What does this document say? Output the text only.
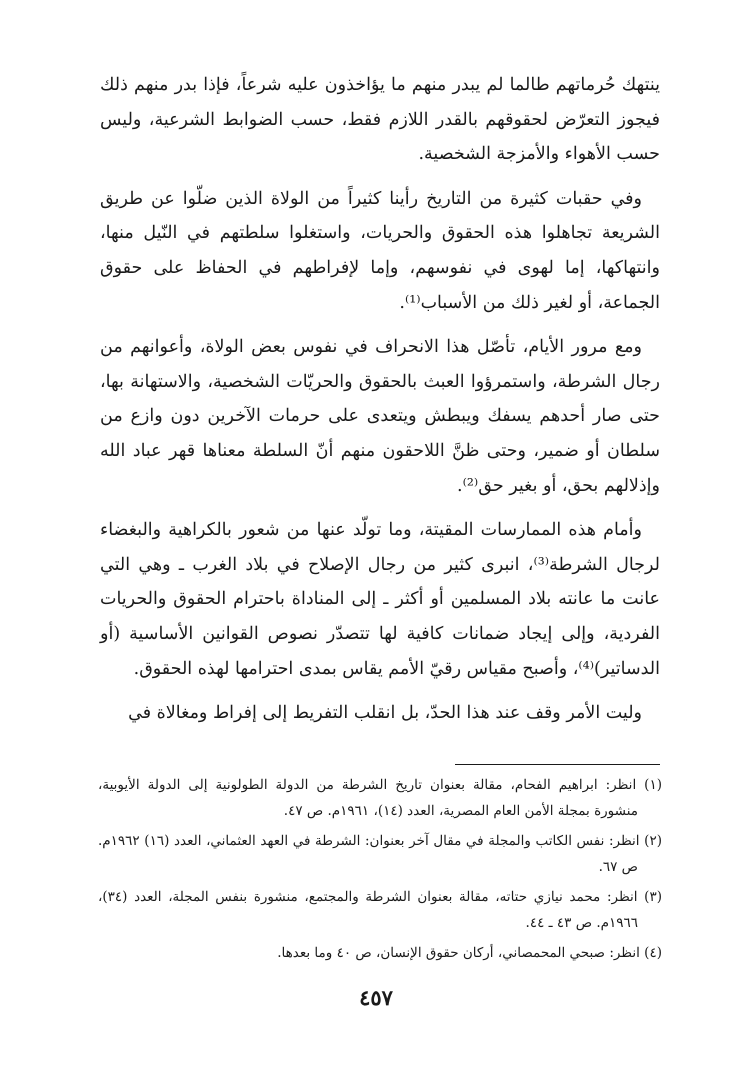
ينتهك حُرماتهم طالما لم يبدر منهم ما يؤاخذون عليه شرعاً، فإذا بدر منهم ذلك فيجوز التعرّض لحقوقهم بالقدر اللازم فقط، حسب الضوابط الشرعية، وليس حسب الأهواء والأمزجة الشخصية.

وفي حقبات كثيرة من التاريخ رأينا كثيراً من الولاة الذين ضلّوا عن طريق الشريعة تجاهلوا هذه الحقوق والحريات، واستغلوا سلطتهم في النّيل منها، وانتهاكها، إما لهوى في نفوسهم، وإما لإفراطهم في الحفاظ على حقوق الجماعة، أو لغير ذلك من الأسباب⁽¹⁾.

ومع مرور الأيام، تأصّل هذا الانحراف في نفوس بعض الولاة، وأعوانهم من رجال الشرطة، واستمرؤوا العبث بالحقوق والحريّات الشخصية، والاستهانة بها، حتى صار أحدهم يسفك ويبطش ويتعدى على حرمات الآخرين دون وازع من سلطان أو ضمير، وحتى ظنَّ اللاحقون منهم أنّ السلطة معناها قهر عباد الله وإذلالهم بحق، أو بغير حق⁽²⁾.

وأمام هذه الممارسات المقيتة، وما تولّد عنها من شعور بالكراهية والبغضاء لرجال الشرطة⁽³⁾، انبرى كثير من رجال الإصلاح في بلاد الغرب ـ وهي التي عانت ما عانته بلاد المسلمين أو أكثر ـ إلى المناداة باحترام الحقوق والحريات الفردية، وإلى إيجاد ضمانات كافية لها تتصدّر نصوص القوانين الأساسية (أو الدساتير)⁽⁴⁾، وأصبح مقياس رقيّ الأمم يقاس بمدى احترامها لهذه الحقوق.

وليت الأمر وقف عند هذا الحدّ، بل انقلب التفريط إلى إفراط ومغالاة في

(١) انظر: ابراهيم الفحام، مقالة بعنوان تاريخ الشرطة من الدولة الطولونية إلى الدولة الأيوبية، منشورة بمجلة الأمن العام المصرية، العدد (١٤)، ١٩٦١م. ص ٤٧.

(٢) انظر: نفس الكاتب والمجلة في مقال آخر بعنوان: الشرطة في العهد العثماني، العدد (١٦) ١٩٦٢م. ص ٦٧.

(٣) انظر: محمد نيازي حتاته، مقالة بعنوان الشرطة والمجتمع، منشورة بنفس المجلة، العدد (٣٤)، ١٩٦٦م. ص ٤٣ ـ ٤٤.

(٤) انظر: صبحي المحمصاني، أركان حقوق الإنسان، ص ٤٠ وما بعدها.

٤٥٧
